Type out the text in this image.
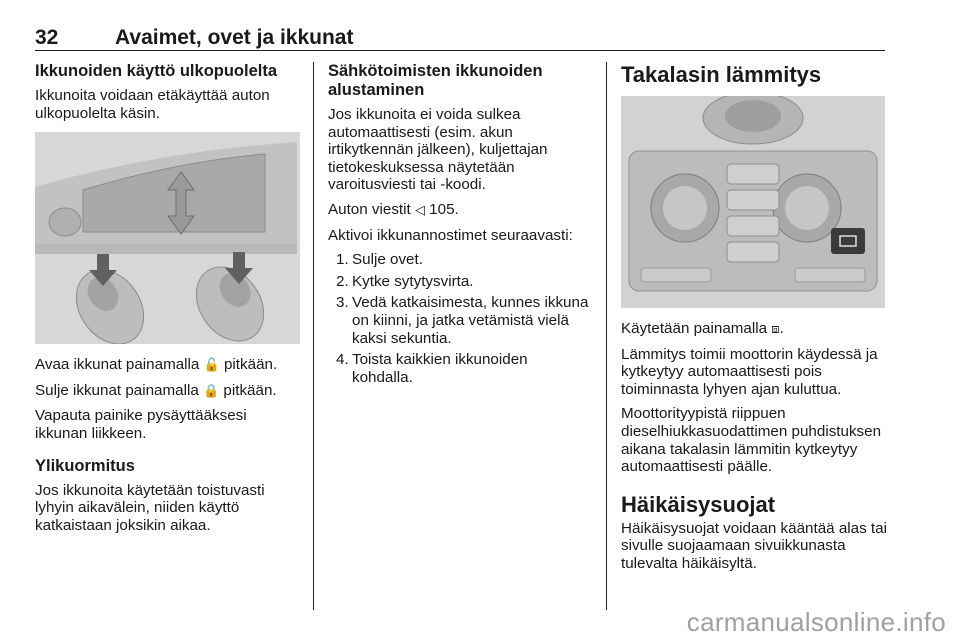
32	Avaimet, ovet ja ikkunat
Ikkunoiden käyttö ulkopuolelta

Ikkunoita voidaan etäkäyttää auton ulkopuolelta käsin.

Avaa ikkunat painamalla 🔓 pitkään.

Sulje ikkunat painamalla 🔒 pitkään.

Vapauta painike pysäyttääksesi ikkunan liikkeen.

Ylikuormitus

Jos ikkunoita käytetään toistuvasti lyhyin aikavälein, niiden käyttö katkaistaan joksikin aikaa.

Sähkötoimisten ikkunoiden alustaminen

Jos ikkunoita ei voida sulkea automaattisesti (esim. akun irtikytkennän jälkeen), kuljettajan tietokeskuksessa näytetään varoitusviesti tai -koodi.

Auton viestit ◁ 105.

Aktivoi ikkunannostimet seuraavasti:

1. Sulje ovet.
2. Kytke sytytysvirta.
3. Vedä katkaisimesta, kunnes ikkuna on kiinni, ja jatka vetämistä vielä kaksi sekuntia.
4. Toista kaikkien ikkunoiden kohdalla.
Takalasin lämmitys

Käytetään painamalla ⧈.

Lämmitys toimii moottorin käydessä ja kytkeytyy automaattisesti pois toiminnasta lyhyen ajan kuluttua.

Moottorityypistä riippuen dieselhiukkasuodattimen puhdistuksen aikana takalasin lämmitin kytkeytyy automaattisesti päälle.

Häikäisysuojat

Häikäisysuojat voidaan kääntää alas tai sivulle suojaamaan sivuikkunasta tulevalta häikäisyltä.

carmanualsonline.info
